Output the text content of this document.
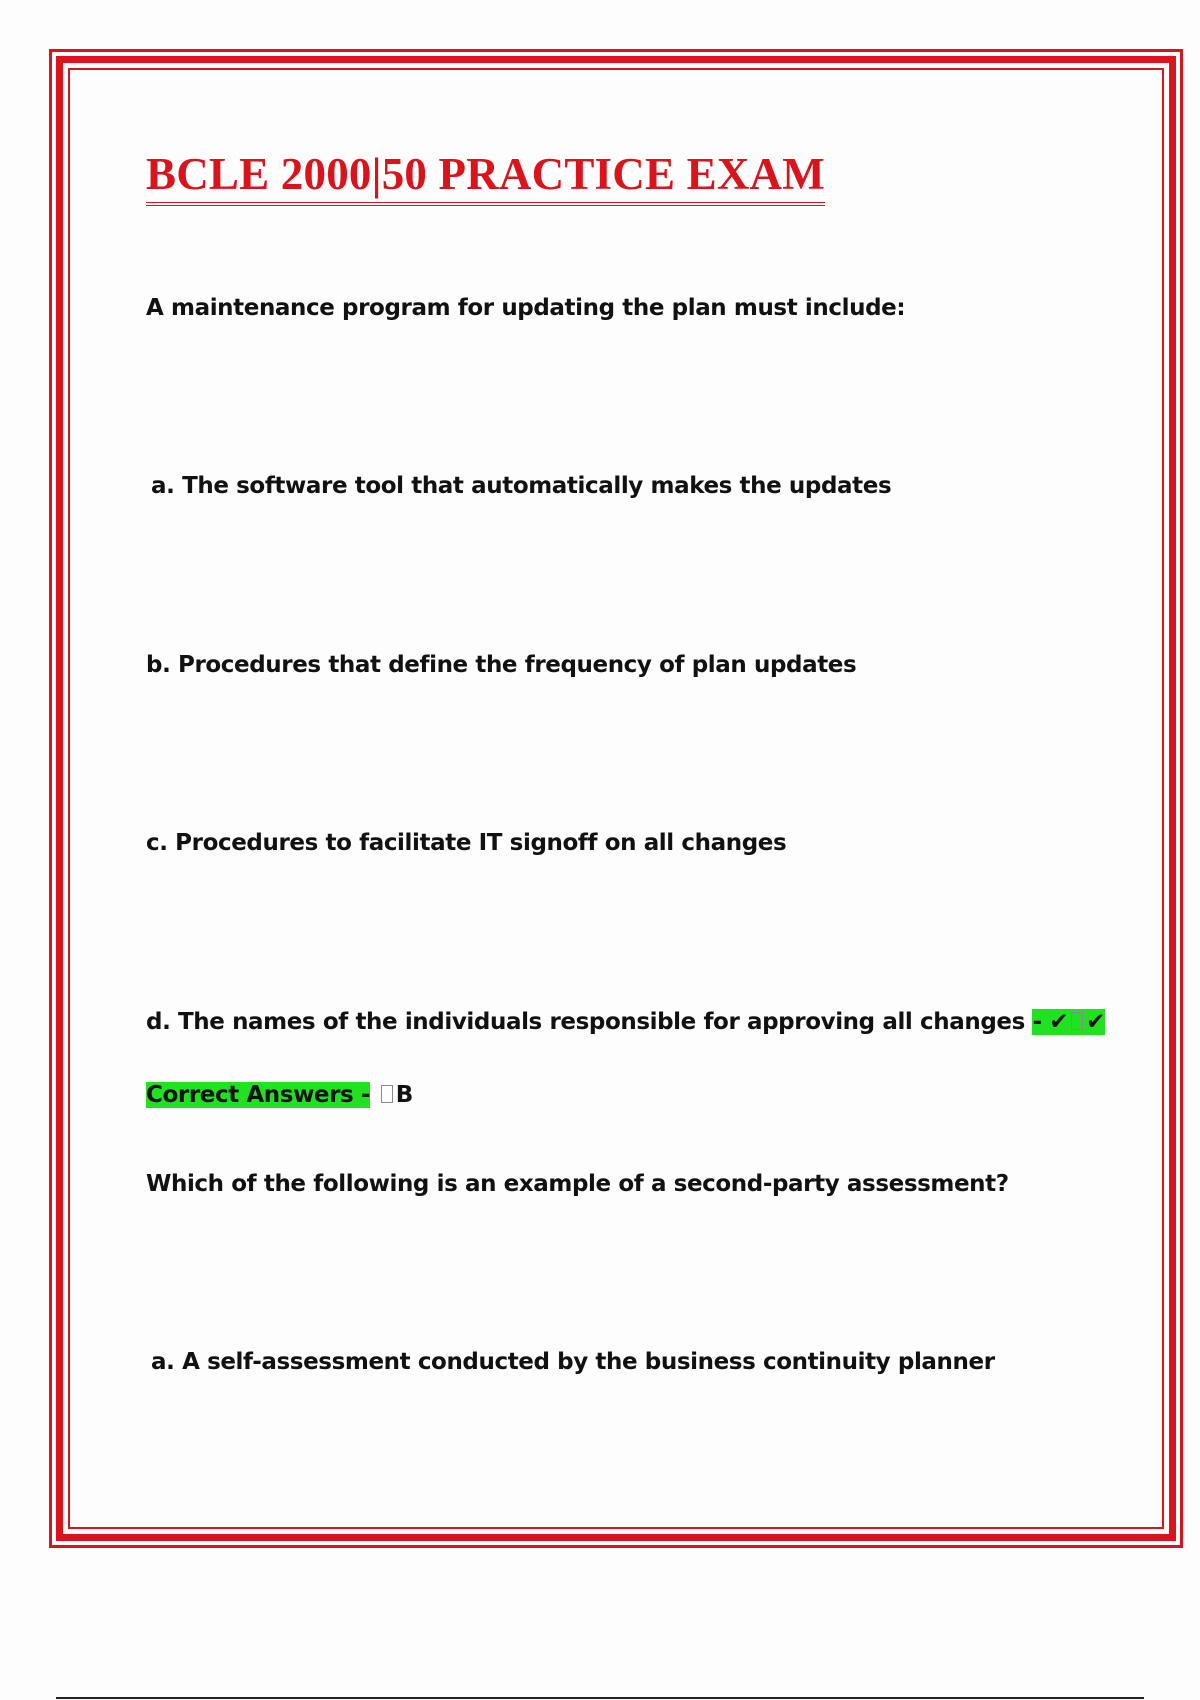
BCLE 2000|50 PRACTICE EXAM

A maintenance program for updating the plan must include:

a. The software tool that automatically makes the updates

b. Procedures that define the frequency of plan updates

c. Procedures to facilitate IT signoff on all changes

d. The names of the individuals responsible for approving all changes - ✔ ✔

Correct Answers - B

Which of the following is an example of a second-party assessment?

a. A self-assessment conducted by the business continuity planner
